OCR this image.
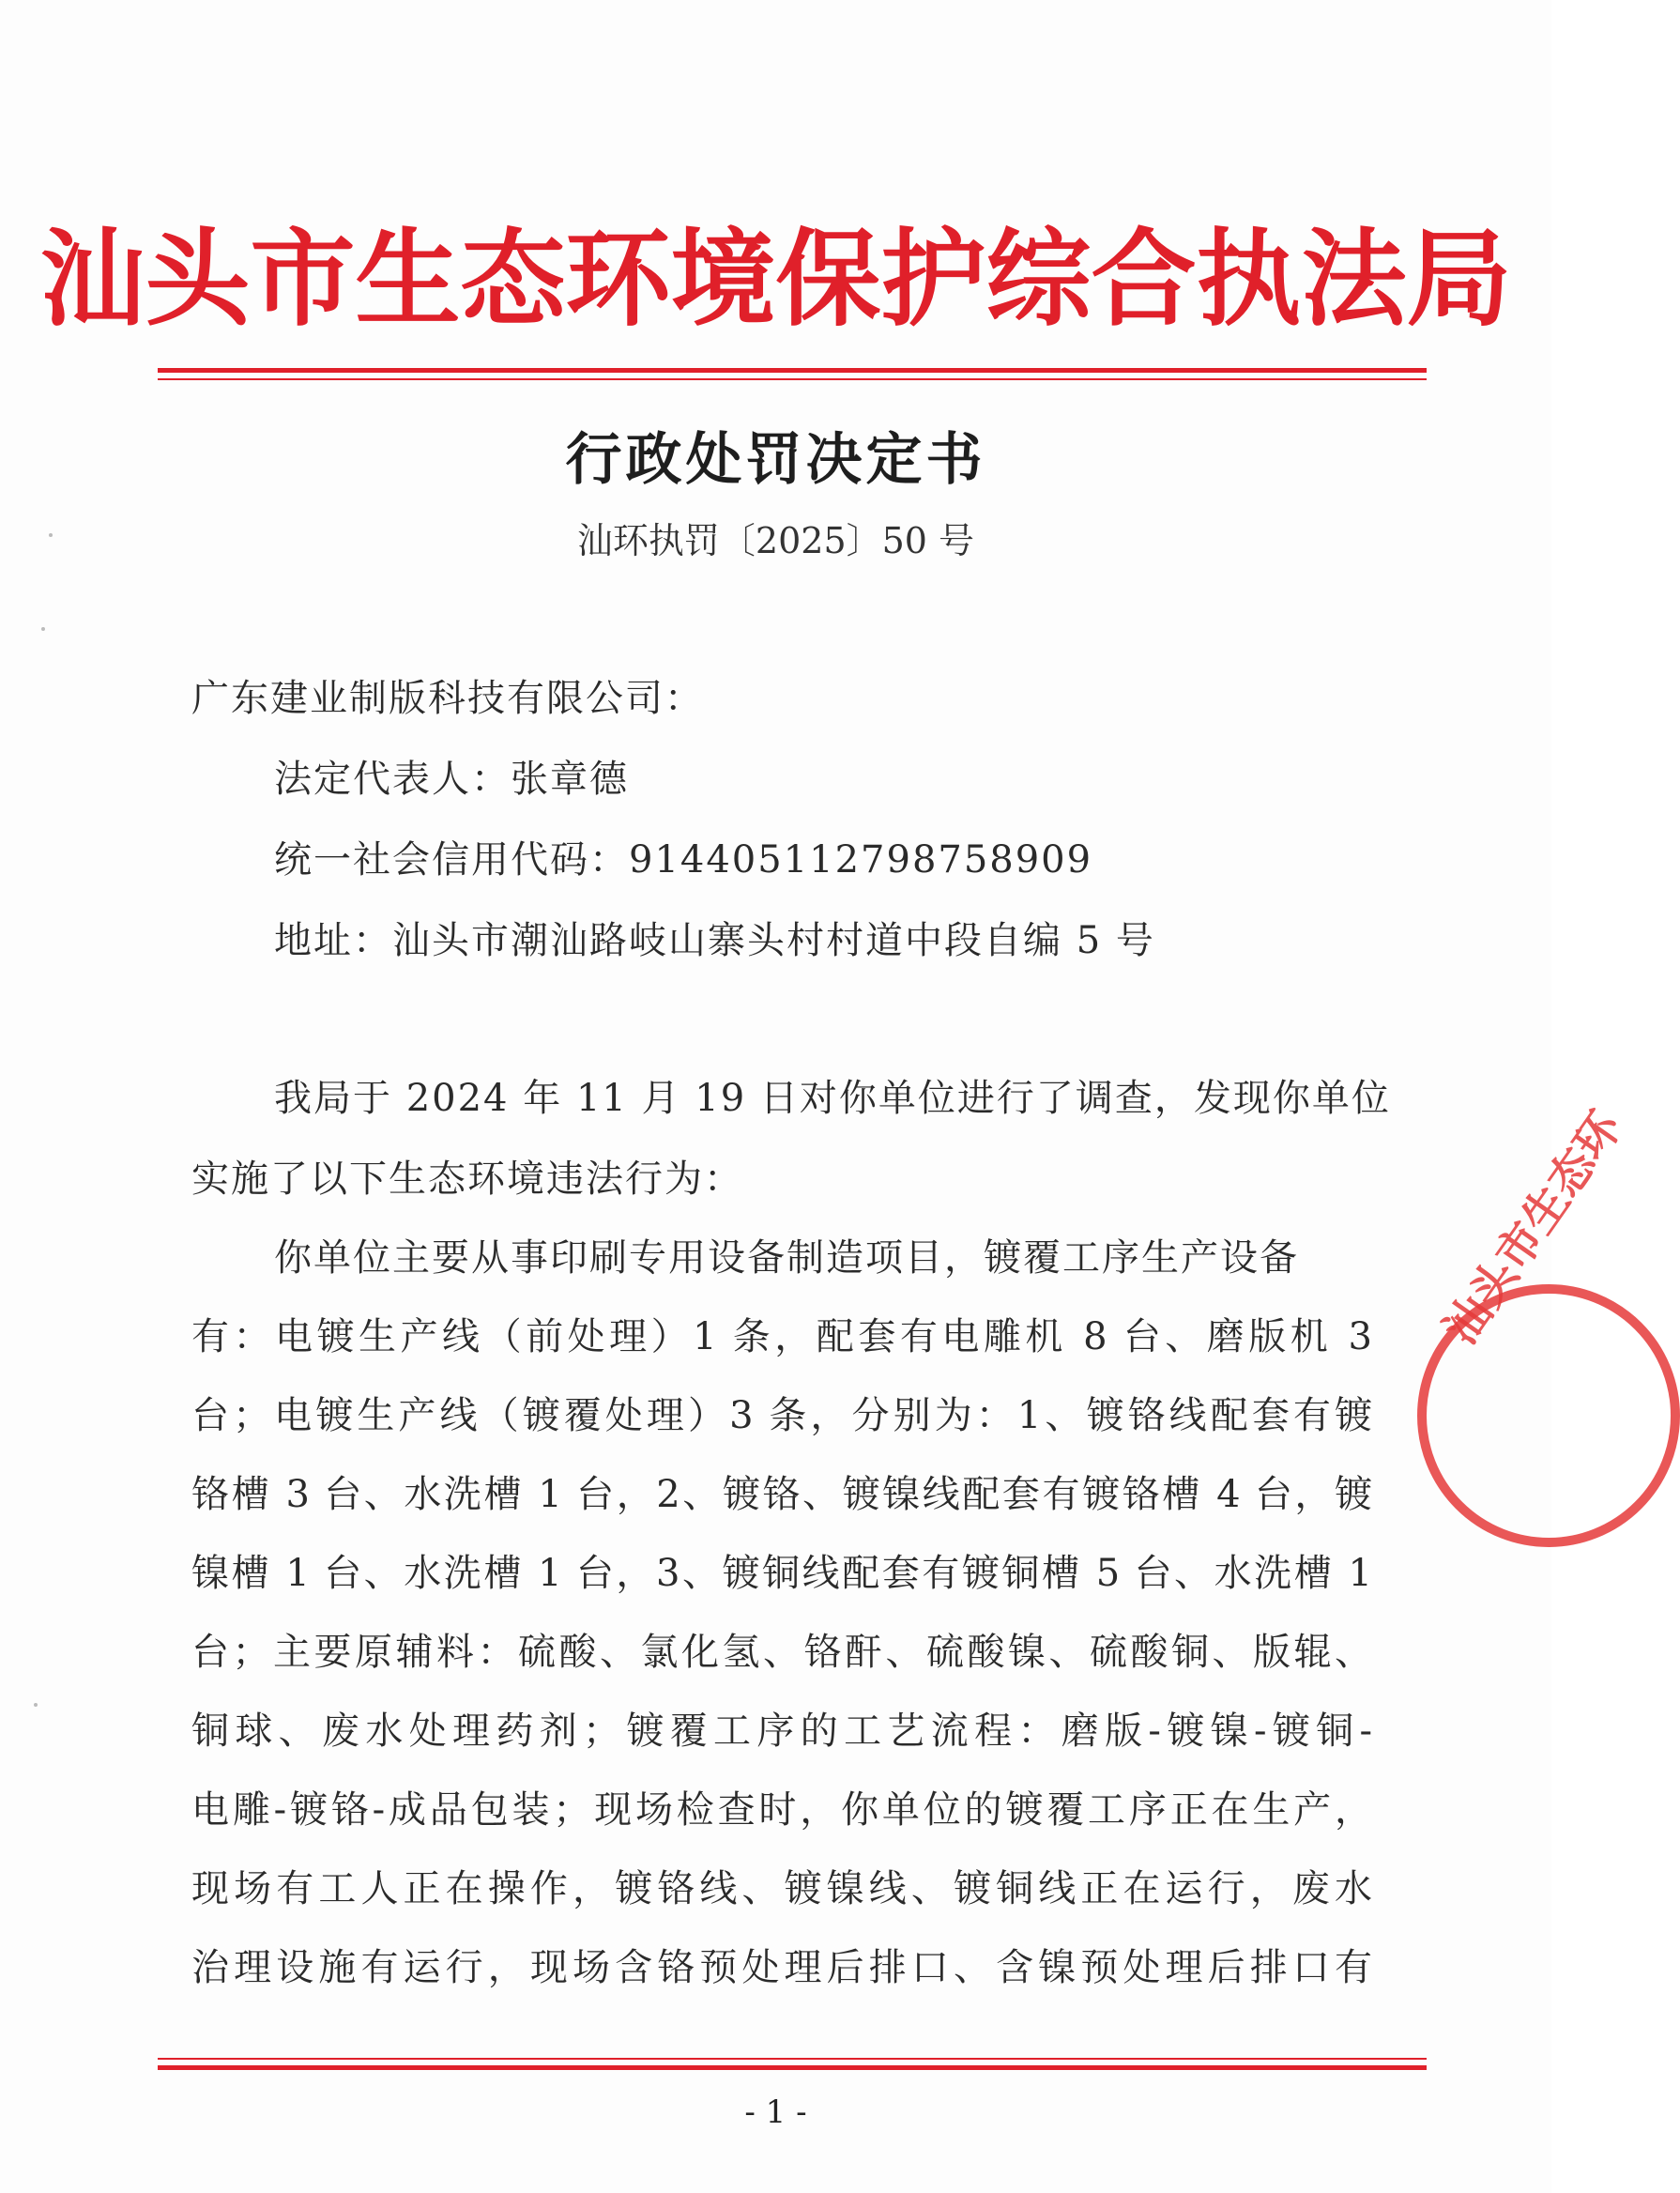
汕头市生态环境保护综合执法局
行政处罚决定书
汕环执罚〔2025〕50 号
广东建业制版科技有限公司：
法定代表人：张章德
统一社会信用代码：914405112798758909
地址：汕头市潮汕路岐山寨头村村道中段自编 5 号
我局于 2024 年 11 月 19 日对你单位进行了调查，发现你单位
实施了以下生态环境违法行为：
你单位主要从事印刷专用设备制造项目，镀覆工序生产设备
有：电镀生产线（前处理）1 条，配套有电雕机 8 台、磨版机 3
台；电镀生产线（镀覆处理）3 条，分别为：1、镀铬线配套有镀
铬槽 3 台、水洗槽 1 台，2、镀铬、镀镍线配套有镀铬槽 4 台，镀
镍槽 1 台、水洗槽 1 台，3、镀铜线配套有镀铜槽 5 台、水洗槽 1
台；主要原辅料：硫酸、氯化氢、铬酐、硫酸镍、硫酸铜、版辊、
铜球、废水处理药剂；镀覆工序的工艺流程：磨版-镀镍-镀铜-
电雕-镀铬-成品包装；现场检查时，你单位的镀覆工序正在生产，
现场有工人正在操作，镀铬线、镀镍线、镀铜线正在运行，废水
治理设施有运行，现场含铬预处理后排口、含镍预处理后排口有
汕头市生态环
- 1 -
